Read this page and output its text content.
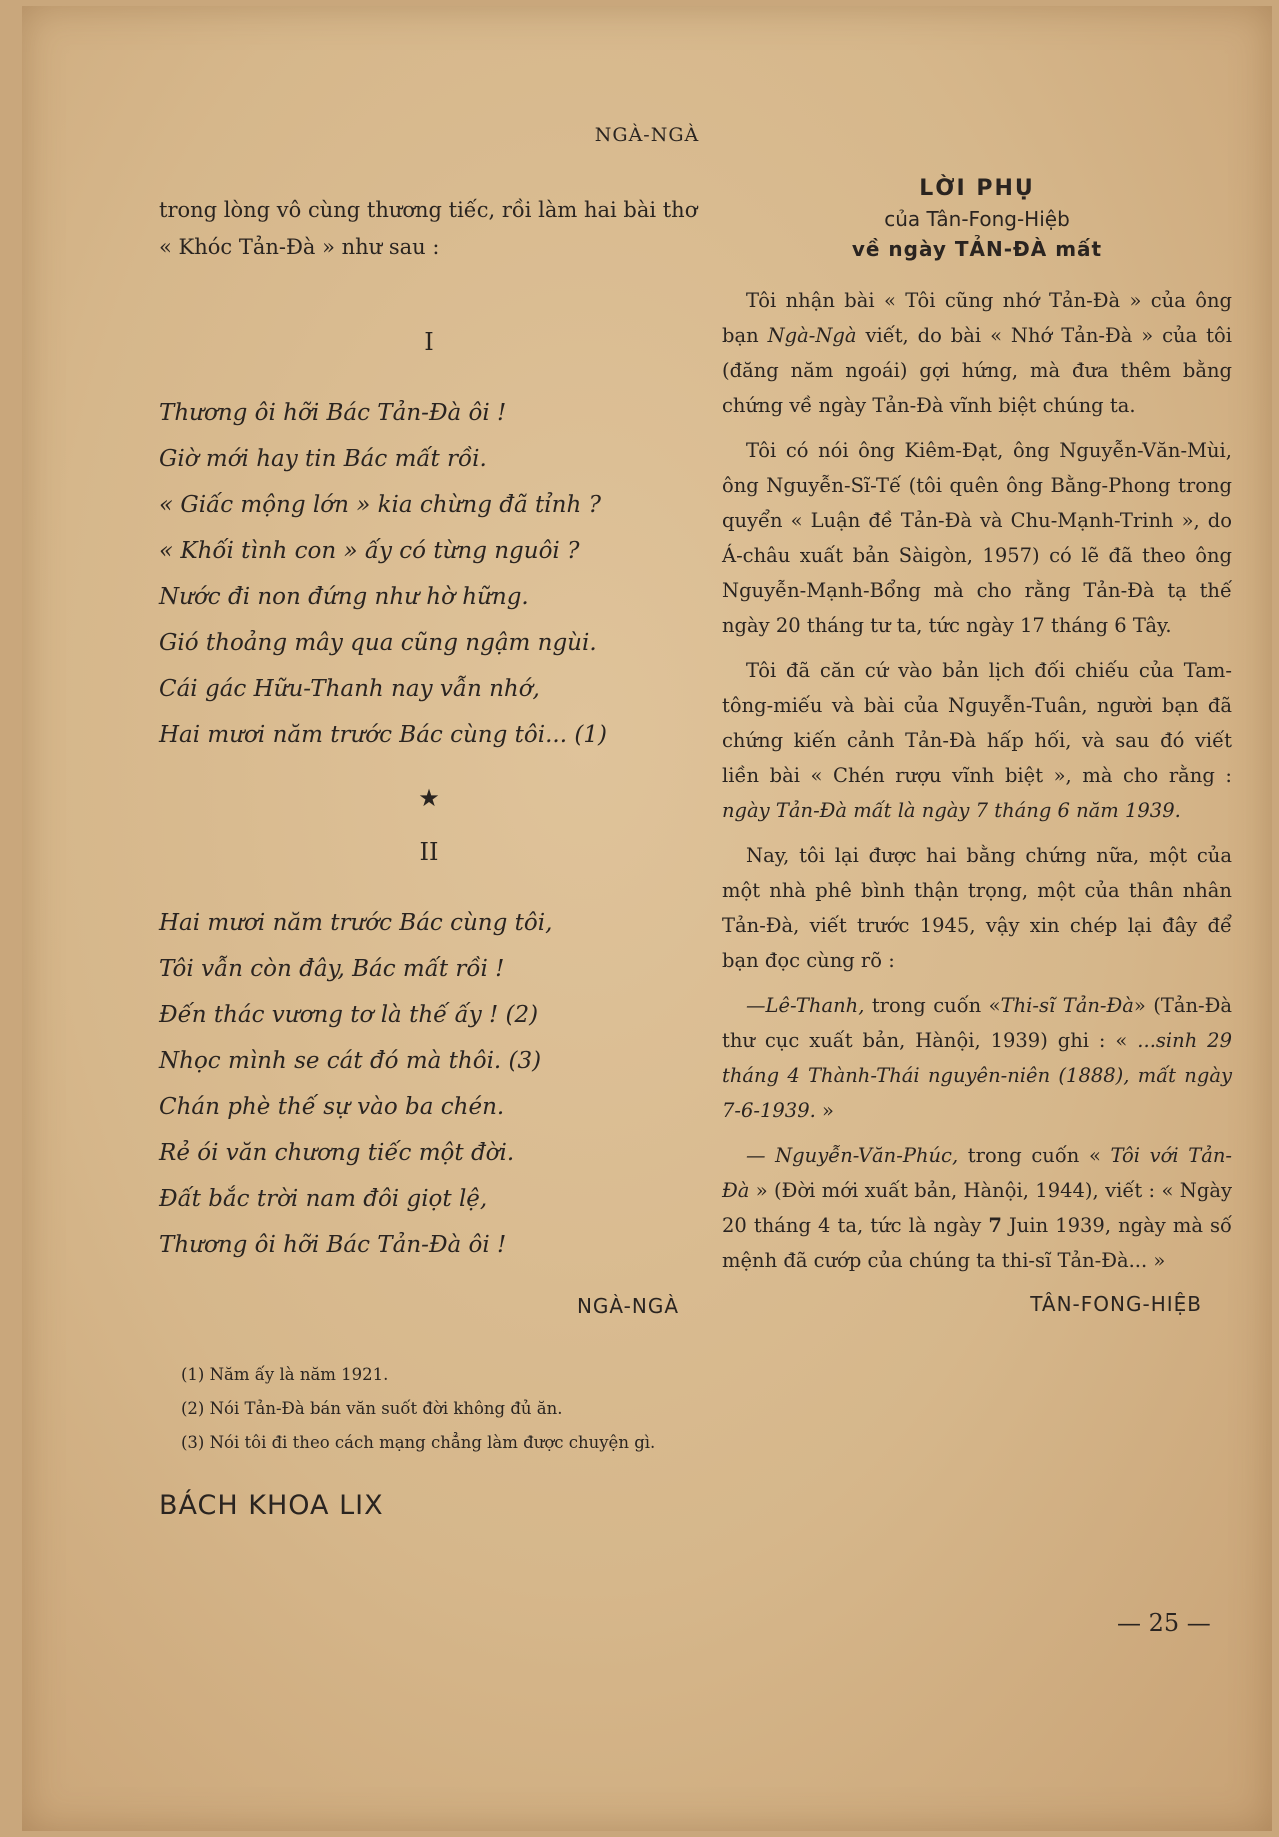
NGÀ-NGÀ

trong lòng vô cùng thương tiếc, rồi làm hai bài thơ « Khóc Tản-Đà » như sau :

I

Thương ôi hỡi Bác Tản-Đà ôi !
Giờ mới hay tin Bác mất rồi.
« Giấc mộng lớn » kia chừng đã tỉnh ?
« Khối tình con » ấy có từng nguôi ?
Nước đi non đứng như hờ hững.
Gió thoảng mây qua cũng ngậm ngùi.
Cái gác Hữu-Thanh nay vẫn nhớ,
Hai mươi năm trước Bác cùng tôi... (1)
★

II

Hai mươi năm trước Bác cùng tôi,
Tôi vẫn còn đây, Bác mất rồi !
Đến thác vương tơ là thế ấy ! (2)
Nhọc mình se cát đó mà thôi. (3)
Chán phè thế sự vào ba chén.
Rẻ ói văn chương tiếc một đời.
Đất bắc trời nam đôi giọt lệ,
Thương ôi hỡi Bác Tản-Đà ôi !
NGÀ-NGÀ

(1) Năm ấy là năm 1921.

(2) Nói Tản-Đà bán văn suốt đời không đủ ăn.

(3) Nói tôi đi theo cách mạng chẳng làm được chuyện gì.

BÁCH KHOA LIX
LỜI PHỤ
của Tân-Fong-Hiệb
về ngày TẢN-ĐÀ mất

Tôi nhận bài « Tôi cũng nhớ Tản-Đà » của ông bạn Ngà-Ngà viết, do bài « Nhớ Tản-Đà » của tôi (đăng năm ngoái) gợi hứng, mà đưa thêm bằng chứng về ngày Tản-Đà vĩnh biệt chúng ta.

Tôi có nói ông Kiêm-Đạt, ông Nguyễn-Văn-Mùi, ông Nguyễn-Sĩ-Tế (tôi quên ông Bằng-Phong trong quyển « Luận đề Tản-Đà và Chu-Mạnh-Trinh », do Á-châu xuất bản Sàigòn, 1957) có lẽ đã theo ông Nguyễn-Mạnh-Bổng mà cho rằng Tản-Đà tạ thế ngày 20 tháng tư ta, tức ngày 17 tháng 6 Tây.

Tôi đã căn cứ vào bản lịch đối chiếu của Tam-tông-miếu và bài của Nguyễn-Tuân, người bạn đã chứng kiến cảnh Tản-Đà hấp hối, và sau đó viết liền bài « Chén rượu vĩnh biệt », mà cho rằng : ngày Tản-Đà mất là ngày 7 tháng 6 năm 1939.

Nay, tôi lại được hai bằng chứng nữa, một của một nhà phê bình thận trọng, một của thân nhân Tản-Đà, viết trước 1945, vậy xin chép lại đây để bạn đọc cùng rõ :

—Lê-Thanh, trong cuốn «Thi-sĩ Tản-Đà» (Tản-Đà thư cục xuất bản, Hànội, 1939) ghi : « ...sinh 29 tháng 4 Thành-Thái nguyên-niên (1888), mất ngày 7-6-1939. »

— Nguyễn-Văn-Phúc, trong cuốn « Tôi với Tản-Đà » (Đời mới xuất bản, Hànội, 1944), viết : « Ngày 20 tháng 4 ta, tức là ngày 7 Juin 1939, ngày mà số mệnh đã cướp của chúng ta thi-sĩ Tản-Đà... »

TÂN-FONG-HIỆB
— 25 —
